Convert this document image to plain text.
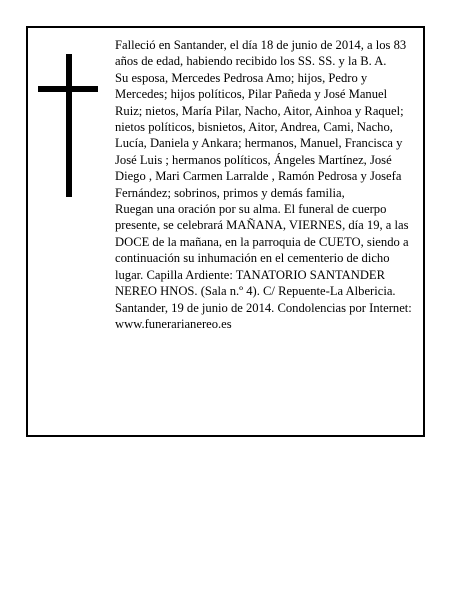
Falleció en Santander, el día 18 de junio de 2014, a los 83 años de edad, habiendo recibido los SS. SS. y la B. A.

Su esposa, Mercedes Pedrosa Amo; hijos, Pedro y Mercedes; hijos políticos, Pilar Pañeda y José Manuel Ruiz; nietos, María Pilar, Nacho, Aitor, Ainhoa y Raquel; nietos políticos, bisnietos, Aitor, Andrea, Cami, Nacho, Lucía, Daniela y Ankara; hermanos, Manuel, Francisca y José Luis ; hermanos políticos, Ángeles Martínez, José Diego , Mari Carmen Larralde , Ramón Pedrosa y Josefa Fernández; sobrinos, primos y demás familia,

Ruegan una oración por su alma. El funeral de cuerpo presente, se celebrará MAÑANA, VIERNES, día 19, a las DOCE de la mañana, en la parroquia de CUETO, siendo a continuación su inhumación en el cementerio de dicho lugar. Capilla Ardiente: TANATORIO SANTANDER NEREO HNOS. (Sala n.º 4). C/ Repuente-La Albericia.

Santander, 19 de junio de 2014. Condolencias por Internet: www.funerarianereo.es
